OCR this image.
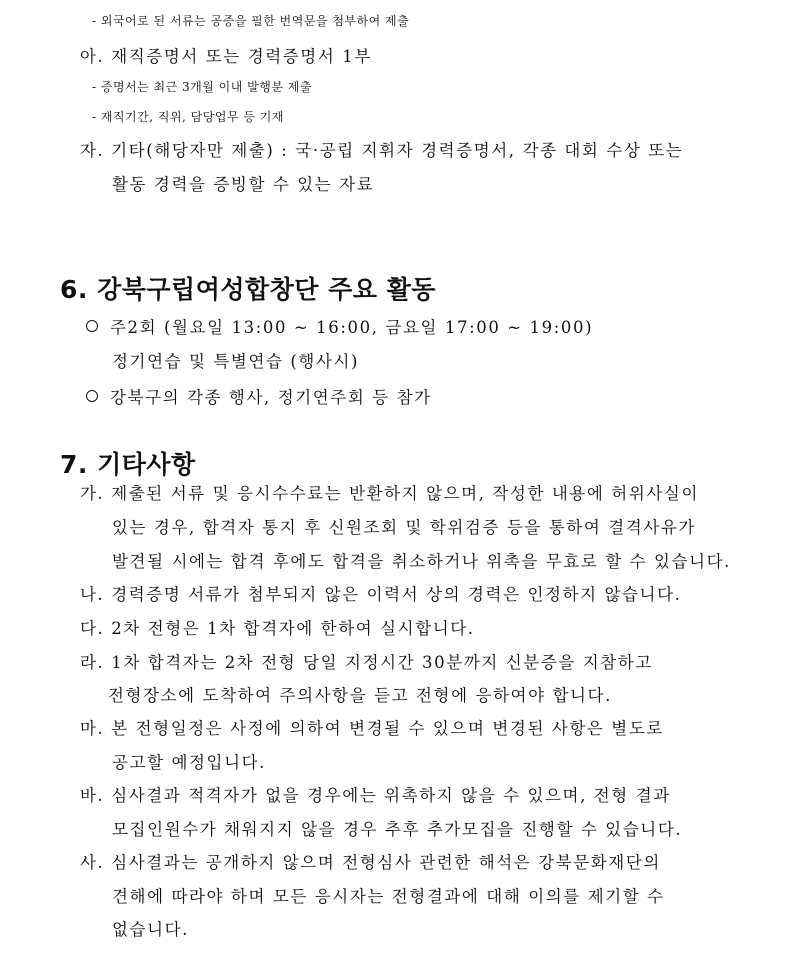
- 외국어로 된 서류는 공증을 필한 번역문을 첨부하여 제출
아. 재직증명서 또는 경력증명서 1부
- 증명서는 최근 3개월 이내 발행분 제출
- 재직기간, 직위, 담당업무 등 기재
자. 기타(해당자만 제출) : 국·공립 지휘자 경력증명서, 각종 대회 수상 또는
활동 경력을 증빙할 수 있는 자료
6. 강북구립여성합창단 주요 활동
주2회 (월요일 13:00 ~ 16:00, 금요일 17:00 ~ 19:00)
정기연습 및 특별연습 (행사시)
강북구의 각종 행사, 정기연주회 등 참가
7. 기타사항
가. 제출된 서류 및 응시수수료는 반환하지 않으며, 작성한 내용에 허위사실이
있는 경우, 합격자 통지 후 신원조회 및 학위검증 등을 통하여 결격사유가
발견될 시에는 합격 후에도 합격을 취소하거나 위촉을 무효로 할 수 있습니다.
나. 경력증명 서류가 첨부되지 않은 이력서 상의 경력은 인정하지 않습니다.
다. 2차 전형은 1차 합격자에 한하여 실시합니다.
라. 1차 합격자는 2차 전형 당일 지정시간 30분까지 신분증을 지참하고
전형장소에 도착하여 주의사항을 듣고 전형에 응하여야 합니다.
마. 본 전형일정은 사정에 의하여 변경될 수 있으며 변경된 사항은 별도로
공고할 예정입니다.
바. 심사결과 적격자가 없을 경우에는 위촉하지 않을 수 있으며, 전형 결과
모집인원수가 채워지지 않을 경우 추후 추가모집을 진행할 수 있습니다.
사. 심사결과는 공개하지 않으며 전형심사 관련한 해석은 강북문화재단의
견해에 따라야 하며 모든 응시자는 전형결과에 대해 이의를 제기할 수
없습니다.
